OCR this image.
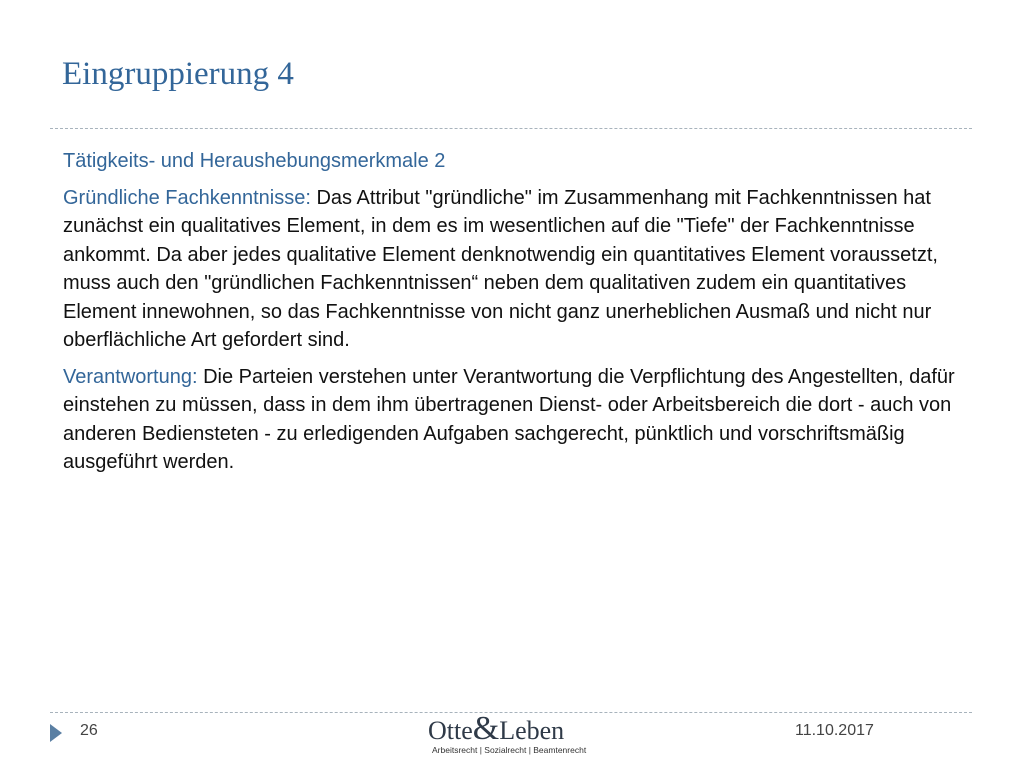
Eingruppierung 4

Tätigkeits- und Heraushebungsmerkmale 2

Gründliche Fachkenntnisse: Das Attribut "gründliche" im Zusammenhang mit Fachkenntnissen hat zunächst ein qualitatives Element, in dem es im wesentlichen auf die "Tiefe" der Fachkenntnisse ankommt. Da aber jedes qualitative Element denknotwendig ein quantitatives Element voraussetzt, muss auch den "gründlichen Fachkenntnissen“ neben dem qualitativen zudem ein quantitatives Element innewohnen, so das Fachkenntnisse von nicht ganz unerheblichen Ausmaß und nicht nur oberflächliche Art gefordert sind.

Verantwortung: Die Parteien verstehen unter Verantwortung die Verpflichtung des Angestellten, dafür einstehen zu müssen, dass in dem ihm übertragenen Dienst- oder Arbeitsbereich die dort - auch von anderen Bediensteten - zu erledigenden Aufgaben sachgerecht, pünktlich und vorschriftsmäßig ausgeführt werden.

26	Otte&Leben
Arbeitsrecht | Sozialrecht | Beamtenrecht
11.10.2017
